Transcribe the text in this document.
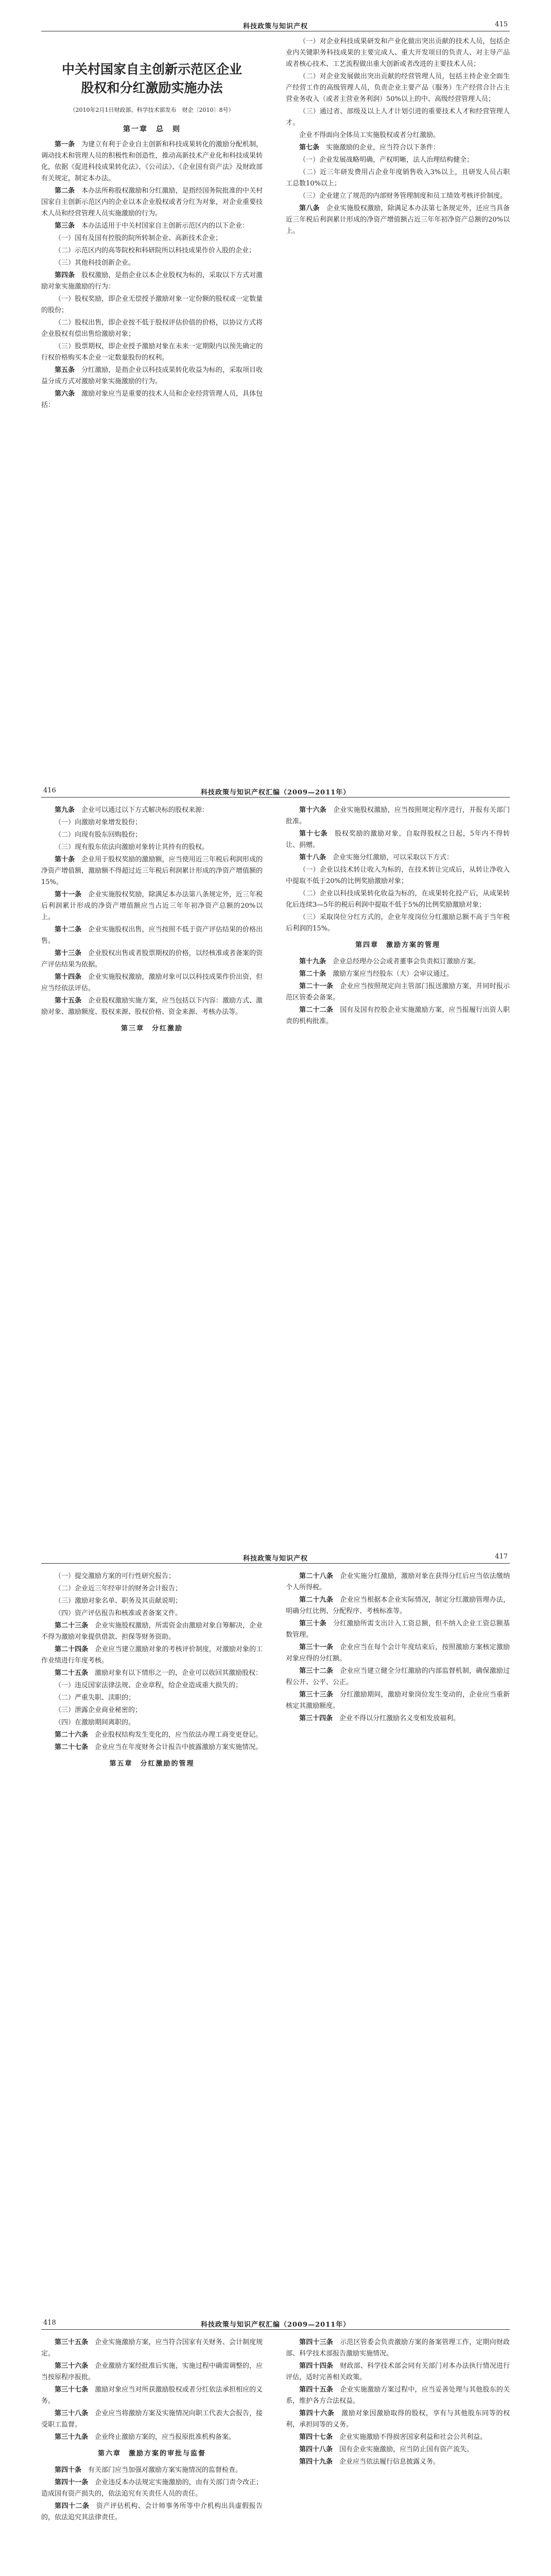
科技政策与知识产权	415
中关村国家自主创新示范区企业
股权和分红激励实施办法
（2010年2月1日财政部、科学技术部发布　财企〔2010〕8号）
第一章　总　则

第一条　为建立有利于企业自主创新和科技成果转化的激励分配机制，调动技术和管理人员的积极性和创造性，推动高新技术产业化和科技成果转化，依据《促进科技成果转化法》、《公司法》、《企业国有资产法》及财政部有关规定，制定本办法。

第二条　本办法所称股权激励和分红激励，是指经国务院批准的中关村国家自主创新示范区内的企业以本企业股权或者分红为对象，对企业重要技术人员和经营管理人员实施激励的行为。

第三条　本办法适用于中关村国家自主创新示范区内的以下企业：

（一）国有及国有控股的院所转制企业、高新技术企业；

（二）示范区内的高等院校和科研院所以科技成果作价入股的企业；

（三）其他科技创新企业。

第四条　股权激励，是指企业以本企业股权为标的，采取以下方式对激励对象实施激励的行为：

（一）股权奖励，即企业无偿授予激励对象一定份额的股权或一定数量的股份；

（二）股权出售，即企业按不低于股权评估价值的价格，以协议方式将企业股权有偿出售给激励对象；

（三）股票期权，即企业授予激励对象在未来一定期限内以预先确定的行权价格购买本企业一定数量股份的权利。

第五条　分红激励，是指企业以科技成果转化收益为标的，采取项目收益分成方式对激励对象实施激励的行为。

第六条　激励对象应当是重要的技术人员和企业经营管理人员，具体包括：

（一）对企业科技成果研发和产业化做出突出贡献的技术人员，包括企业内关键职务科技成果的主要完成人、重大开发项目的负责人、对主导产品或者核心技术、工艺流程做出重大创新或者改进的主要技术人员；

（二）对企业发展做出突出贡献的经营管理人员，包括主持企业全面生产经营工作的高级管理人员，负责企业主要产品（服务）生产经营合计占主营业务收入（或者主营业务利润）50%以上的中、高级经营管理人员；

（三）通过省、部级及以上人才计划引进的重要技术人才和经营管理人才。

企业不得面向全体员工实施股权或者分红激励。

第七条　实施激励的企业，应当符合以下条件：

（一）企业发展战略明确，产权明晰，法人治理结构健全；

（二）近三年研发费用占企业年度销售收入3%以上，且研发人员占职工总数10%以上；

（三）企业建立了规范的内部财务管理制度和员工绩效考核评价制度。

第八条　企业实施股权激励，除满足本办法第七条规定外，还应当具备近三年税后利润累计形成的净资产增值额占近三年年初净资产总额的20%以上。

416	科技政策与知识产权汇编（2009—2011年）

第九条　企业可以通过以下方式解决标的股权来源：

（一）向激励对象增发股份；

（二）向现有股东回购股份；

（三）现有股东依法向激励对象转让其持有的股权。

第十条　企业用于股权奖励的激励额，应当使用近三年税后利润形成的净资产增值额，激励额不得超过近三年税后利润累计形成的净资产增值额的15%。

第十一条　企业实施股权奖励，除满足本办法第八条规定外，近三年税后利润累计形成的净资产增值额应当占近三年年初净资产总额的20%以上。

第十二条　企业实施股权出售，应当按照不低于资产评估结果的价格出售。

第十三条　企业股权出售或者股票期权的价格，以经核准或者备案的资产评估结果为依据。

第十四条　企业实施股权激励，激励对象可以以科技成果作价出资，但应当经依法评估。

第十五条　企业股权激励实施方案，应当包括以下内容：激励方式、激励对象、激励额度、股权来源、股权价格、资金来源、考核办法等。

第三章　分红激励

第十六条　企业实施股权激励，应当按照规定程序进行，并报有关部门批准。

第十七条　股权奖励的激励对象，自取得股权之日起，5年内不得转让、捐赠。

第十八条　企业实施分红激励，可以采取以下方式：

（一）企业以技术转让收入为标的，在技术转让完成后，从转让净收入中提取不低于20%的比例奖励激励对象；

（二）企业以科技成果转化收益为标的，在成果转化投产后，从成果转化后连续3—5年的税后利润中提取不低于5%的比例奖励激励对象；

（三）采取岗位分红方式的，企业年度岗位分红激励总额不高于当年税后利润的15%。

第四章　激励方案的管理

第十九条　企业总经理办公会或者董事会负责拟订激励方案。

第二十条　激励方案应当经股东（大）会审议通过。

第二十一条　企业应当按照规定向主管部门报送激励方案，并同时报示范区管委会备案。

第二十二条　国有及国有控股企业实施激励方案，应当报履行出资人职责的机构批准。

科技政策与知识产权	417

（一）提交激励方案的可行性研究报告；

（二）企业近三年经审计的财务会计报告；

（三）激励对象名单、职务及其贡献说明；

（四）资产评估报告和核准或者备案文件。

第二十三条　企业实施股权激励，所需资金由激励对象自筹解决，企业不得为激励对象提供借款、担保等财务资助。

第二十四条　企业应当建立激励对象的考核评价制度，对激励对象的工作业绩进行年度考核。

第二十五条　激励对象有以下情形之一的，企业可以收回其激励股权：

（一）违反国家法律法规、企业章程，给企业造成重大损失的；

（二）严重失职、渎职的；

（三）泄露企业商业秘密的；

（四）在激励期间离职的。

第二十六条　企业股权结构发生变化的，应当依法办理工商变更登记。

第二十七条　企业应当在年度财务会计报告中披露激励方案实施情况。

第五章　分红激励的管理

第二十八条　企业实施分红激励，激励对象在获得分红后应当依法缴纳个人所得税。

第二十九条　企业应当根据本企业实际情况，制定分红激励管理办法，明确分红比例、分配程序、考核标准等。

第三十条　分红激励所需支出计入工资总额，但不纳入企业工资总额基数管理。

第三十一条　企业应当在每个会计年度结束后，按照激励方案核定激励对象应得的分红额。

第三十二条　企业应当建立健全分红激励的内部监督机制，确保激励过程公开、公平、公正。

第三十三条　分红激励期间，激励对象岗位发生变动的，企业应当重新核定其激励额度。

第三十四条　企业不得以分红激励名义变相发放福利。

418	科技政策与知识产权汇编（2009—2011年）

第三十五条　企业实施激励方案，应当符合国家有关财务、会计制度规定。

第三十六条　企业激励方案经批准后实施，实施过程中确需调整的，应当按原程序报批。

第三十七条　激励对象应当对所获激励股权或者分红依法承担相应的义务。

第三十八条　企业应当将激励方案及实施情况向职工代表大会报告，接受职工监督。

第三十九条　企业终止激励方案的，应当报原批准机构备案。

第六章　激励方案的审批与监督

第四十条　有关部门应当加强对激励方案实施情况的监督检查。

第四十一条　企业违反本办法规定实施激励的，由有关部门责令改正；造成国有资产损失的，依法追究有关责任人员的责任。

第四十二条　资产评估机构、会计师事务所等中介机构出具虚假报告的，依法追究其法律责任。

第四十三条　示范区管委会负责激励方案的备案管理工作，定期向财政部、科学技术部报告激励实施情况。

第四十四条　财政部、科学技术部会同有关部门对本办法执行情况进行评估，适时完善相关政策。

第四十五条　企业实施激励方案过程中，应当妥善处理与其他股东的关系，维护各方合法权益。

第四十六条　激励对象因激励取得的股权，享有与其他股东同等的权利，承担同等的义务。

第四十七条　企业实施激励不得损害国家利益和社会公共利益。

第四十八条　国有企业实施激励，应当防止国有资产流失。

第四十九条　企业应当依法履行信息披露义务。
